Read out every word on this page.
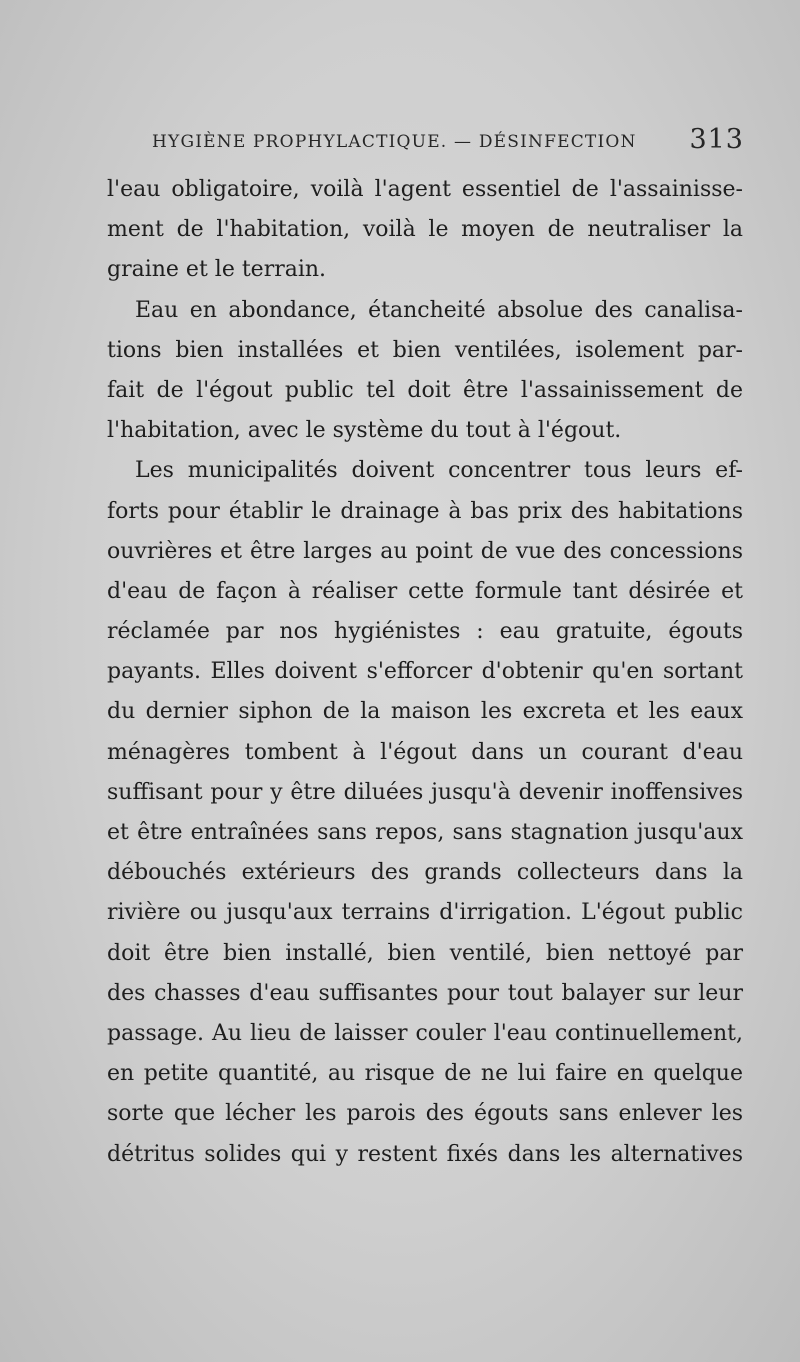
HYGIÈNE PROPHYLACTIQUE. — DÉSINFECTION 313
l'eau obligatoire, voilà l'agent essentiel de l'assainisse-
ment de l'habitation, voilà le moyen de neutraliser la
graine et le terrain.
Eau en abondance, étancheité absolue des canalisa-
tions bien installées et bien ventilées, isolement par-
fait de l'égout public tel doit être l'assainissement de
l'habitation, avec le système du tout à l'égout.
Les municipalités doivent concentrer tous leurs ef-
forts pour établir le drainage à bas prix des habitations
ouvrières et être larges au point de vue des concessions
d'eau de façon à réaliser cette formule tant désirée et
réclamée par nos hygiénistes : eau gratuite, égouts
payants. Elles doivent s'efforcer d'obtenir qu'en sortant
du dernier siphon de la maison les excreta et les eaux
ménagères tombent à l'égout dans un courant d'eau
suffisant pour y être diluées jusqu'à devenir inoffensives
et être entraînées sans repos, sans stagnation jusqu'aux
débouchés extérieurs des grands collecteurs dans la
rivière ou jusqu'aux terrains d'irrigation. L'égout public
doit être bien installé, bien ventilé, bien nettoyé par
des chasses d'eau suffisantes pour tout balayer sur leur
passage. Au lieu de laisser couler l'eau continuellement,
en petite quantité, au risque de ne lui faire en quelque
sorte que lécher les parois des égouts sans enlever les
détritus solides qui y restent fixés dans les alternatives
